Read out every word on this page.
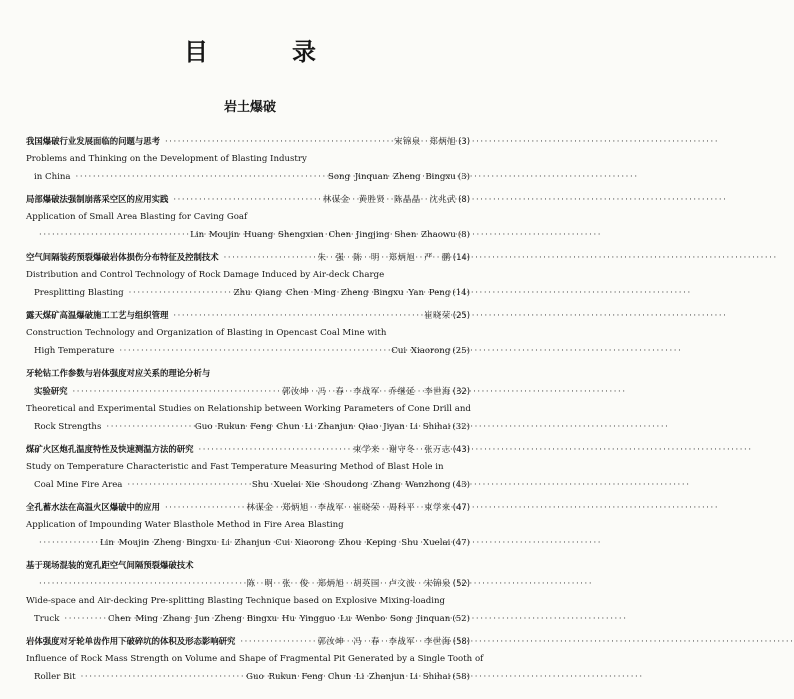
目　录
岩土爆破
我国爆破行业发展面临的问题与思考 ·····	宋锦泉　郑炳旭 (3)
Problems and Thinking on the Development of Blasting Industry
in China ·····	Song Jinquan Zheng Bingxu (3)
局部爆破法强制崩落采空区的应用实践 ·····	林谋金　黄胜贤　陈晶晶　沈兆武 (8)
Application of Small Area Blasting for Caving Goaf
·····
Lin Moujin Huang Shengxian Chen Jingjing Shen Zhaowu (8)
空气间隔装药预裂爆破岩体损伤分布特征及控制技术 ·····	朱　强　陈　明　郑炳旭　严　鹏 (14)
Distribution and Control Technology of Rock Damage Induced by Air-deck Charge
Presplitting Blasting ·····	Zhu Qiang Chen Ming Zheng Bingxu Yan Peng (14)
露天煤矿高温爆破施工工艺与组织管理 ·····	崔晓荣 (25)
Construction Technology and Organization of Blasting in Opencast Coal Mine with
High Temperature ·····	Cui Xiaorong (25)
牙轮钻工作参数与岩体强度对应关系的理论分析与
实验研究 ·····	郭汝坤　冯　春　李战军　乔继延　李世海 (32)
Theoretical and Experimental Studies on Relationship between Working Parameters of Cone Drill and
Rock Strengths ·····	Guo Rukun Feng Chun Li Zhanjun Qiao Jiyan Li Shihai (32)
煤矿火区炮孔温度特性及快速测温方法的研究 ·····	束学来　谢守冬　张万志 (43)
Study on Temperature Characteristic and Fast Temperature Measuring Method of Blast Hole in
Coal Mine Fire Area ·····	Shu Xuelai Xie Shoudong Zhang Wanzhong (43)
全孔蓄水法在高温火区爆破中的应用 ·····	林谋金　郑炳旭　李战军　崔晓荣　周科平　束学来 (47)
Application of Impounding Water Blasthole Method in Fire Area Blasting
·····
Lin Moujin Zheng Bingxu Li Zhanjun Cui Xiaorong Zhou Keping Shu Xuelai (47)
基于现场混装的宽孔距空气间隔预裂爆破技术
·····
陈　明　张　俊　郑炳旭　胡英国　卢文波　宋锦泉 (52)
Wide-space and Air-decking Pre-splitting Blasting Technique based on Explosive Mixing-loading
Truck ·····	Chen Ming Zhang Jun Zheng Bingxu Hu Yingguo Lu Wenbo Song Jinquan (52)
岩体强度对牙轮单齿作用下破碎坑的体积及形态影响研究 ·····	郭汝坤　冯　春　李战军　李世海 (58)
Influence of Rock Mass Strength on Volume and Shape of Fragmental Pit Generated by a Single Tooth of
Roller Bit ·····	Guo Rukun Feng Chun Li Zhanjun Li Shihai (58)
